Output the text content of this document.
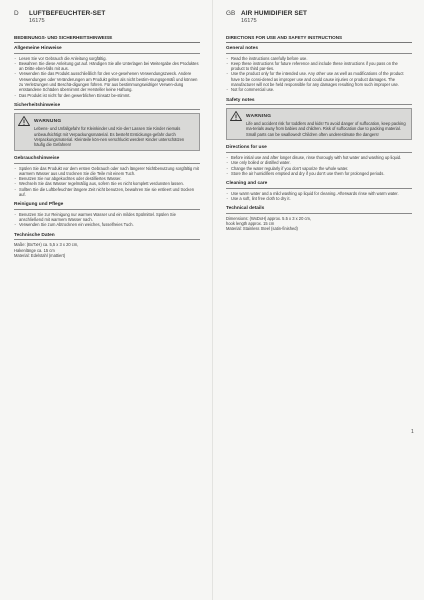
D	LUFTBEFEUCHTER-SET
16175
BEDIENUNGS- UND SICHERHEITSHINWEISE
Allgemeine Hinweise
- Lesen Sie vor Gebrauch die Anleitung sorgfältig.
- Bewahren Sie diese Anleitung gut auf. Händigen Sie alle Unterlagen bei Weitergabe des Produktes an Dritte eben-falls mit aus.
- Verwenden Sie das Produkt ausschließlich für den vor-gesehenen Verwendungszweck. Andere Verwendungen oder Veränderungen am Produkt gelten als nicht bestim-mungsgemäß und können zu Verletzungen und Beschä-digungen führen. Für aus bestimmungswidriger Verwen-dung entstandene Schäden übernimmt der Hersteller keine Haftung.
- Das Produkt ist nicht für den gewerblichen Einsatz be-stimmt.
Sicherheitshinweise
WARNUNG
Lebens- und Unfallgefahr für Kleinkinder und Kin-der! Lassen Sie Kinder niemals unbeaufsichtigt mit Verpackungsmaterial. Es besteht Erstickungs-gefahr durch Verpackungsmaterial. Kleinteile kön-nen verschluckt werden! Kinder unterschätzen häufig die Gefahren!
Gebrauchshinweise
- Spülen Sie das Produkt vor dem ersten Gebrauch oder nach längerer Nichtbenutzung sorgfältig mit warmem Wasser aus und trocknen Sie die Teile mit einem Tuch.
- Benutzen Sie nur abgekochtes oder destilliertes Wasser.
- Wechseln Sie das Wasser regelmäßig aus, sofern Sie es nicht komplett verdunsten lassen.
- Sollten Sie die Luftbefeuchter längere Zeit nicht benutzen, bewahren Sie sie entleert und trocken auf.
Reinigung und Pflege
- Benutzen Sie zur Reinigung nur warmes Wasser und ein mildes Spülmittel. Spülen Sie anschließend mit warmem Wasser nach.
- Verwenden Sie zum Abtrocknen ein weiches, fusselfreies Tuch.
Technische Daten
Maße: (BxTxH) ca. 5,5 x 3 x 20 cm,
Hakenlänge ca. 15 cm
Material: Edelstahl (mattiert)
GB AIR HUMIDIFIER SET
16175
DIRECTIONS FOR USE AND SAFETY INSTRUCTIONS
General notes
- Read the instructions carefully before use.
- Keep these instructions for future reference and include these instructions if you pass on the product to third par-ties.
- Use the product only for the intended use. Any other use as well as modifications of the product have to be consi-dered as improper use and could cause injuries or product damages. The manufacturer will not be held responsible for any damages resulting from such improper use.
- Not for commercial use.
Safety notes
WARNING
Life and accident risk for toddlers and kids! To avoid danger of suffocation, keep packing ma-terials away from babies and children. Risk of suffocation due to packing material. Small parts can be swallowed! Children often underestimate the dangers!
Directions for use
- Before initial use and after longer disuse, rinse thorougly with hot water and washing up liquid.
- Use only boiled or distilled water.
- Change the water regularly if you don't vaporize the whole water.
- Store the air humidifiers emptied and dry if you don't use them for prolonged periods.
Cleaning and care
- Use warm water and a mild washing up liquid for cleaning. Afterwards rinse with warm water.
- Use a soft, lint free cloth to dry it.
Technical details
Dimensions: (WxDxH) approx. 5.5 x 3 x 20 cm,
hook length approx. 15 cm
Material: Stainless Steel (satin-finished)
1
